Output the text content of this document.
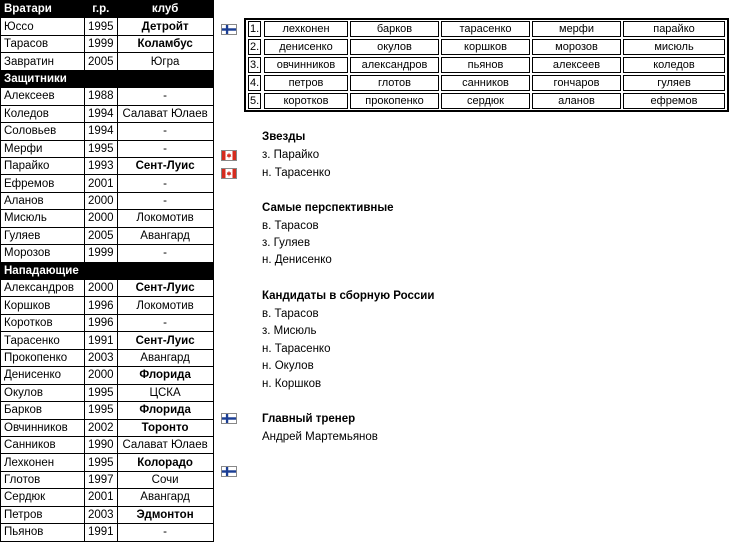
Вратари	г.р.	клуб
Юссо	1995	Детройт
Тарасов	1999	Коламбус
Завратин	2005	Югра
Защитники		
Алексеев	1988	-
Коледов	1994	Салават Юлаев
Соловьев	1994	-
Мерфи	1995	-
Парайко	1993	Сент-Луис
Ефремов	2001	-
Аланов	2000	-
Мисюль	2000	Локомотив
Гуляев	2005	Авангард
Морозов	1999	-
Нападающие		
Александров	2000	Сент-Луис
Коршков	1996	Локомотив
Коротков	1996	-
Тарасенко	1991	Сент-Луис
Прокопенко	2003	Авангард
Денисенко	2000	Флорида
Окулов	1995	ЦСКА
Барков	1995	Флорида
Овчинников	2002	Торонто
Санников	1990	Салават Юлаев
Лехконен	1995	Колорадо
Глотов	1997	Сочи
Сердюк	2001	Авангард
Петров	2003	Эдмонтон
Пьянов	1991	-
1.	лехконен	барков	тарасенко	мерфи	парайко
2.	денисенко	окулов	коршков	морозов	мисюль
3.	овчинников	александров	пьянов	алексеев	коледов
4.	петров	глотов	санников	гончаров	гуляев
5.	коротков	прокопенко	сердюк	аланов	ефремов
Звезды
з. Парайко
н. Тарасенко
Самые перспективные
в. Тарасов
з. Гуляев
н. Денисенко
Кандидаты в сборную России
в. Тарасов
з. Мисюль
н. Тарасенко
н. Окулов
н. Коршков
Главный тренер
Андрей Мартемьянов
